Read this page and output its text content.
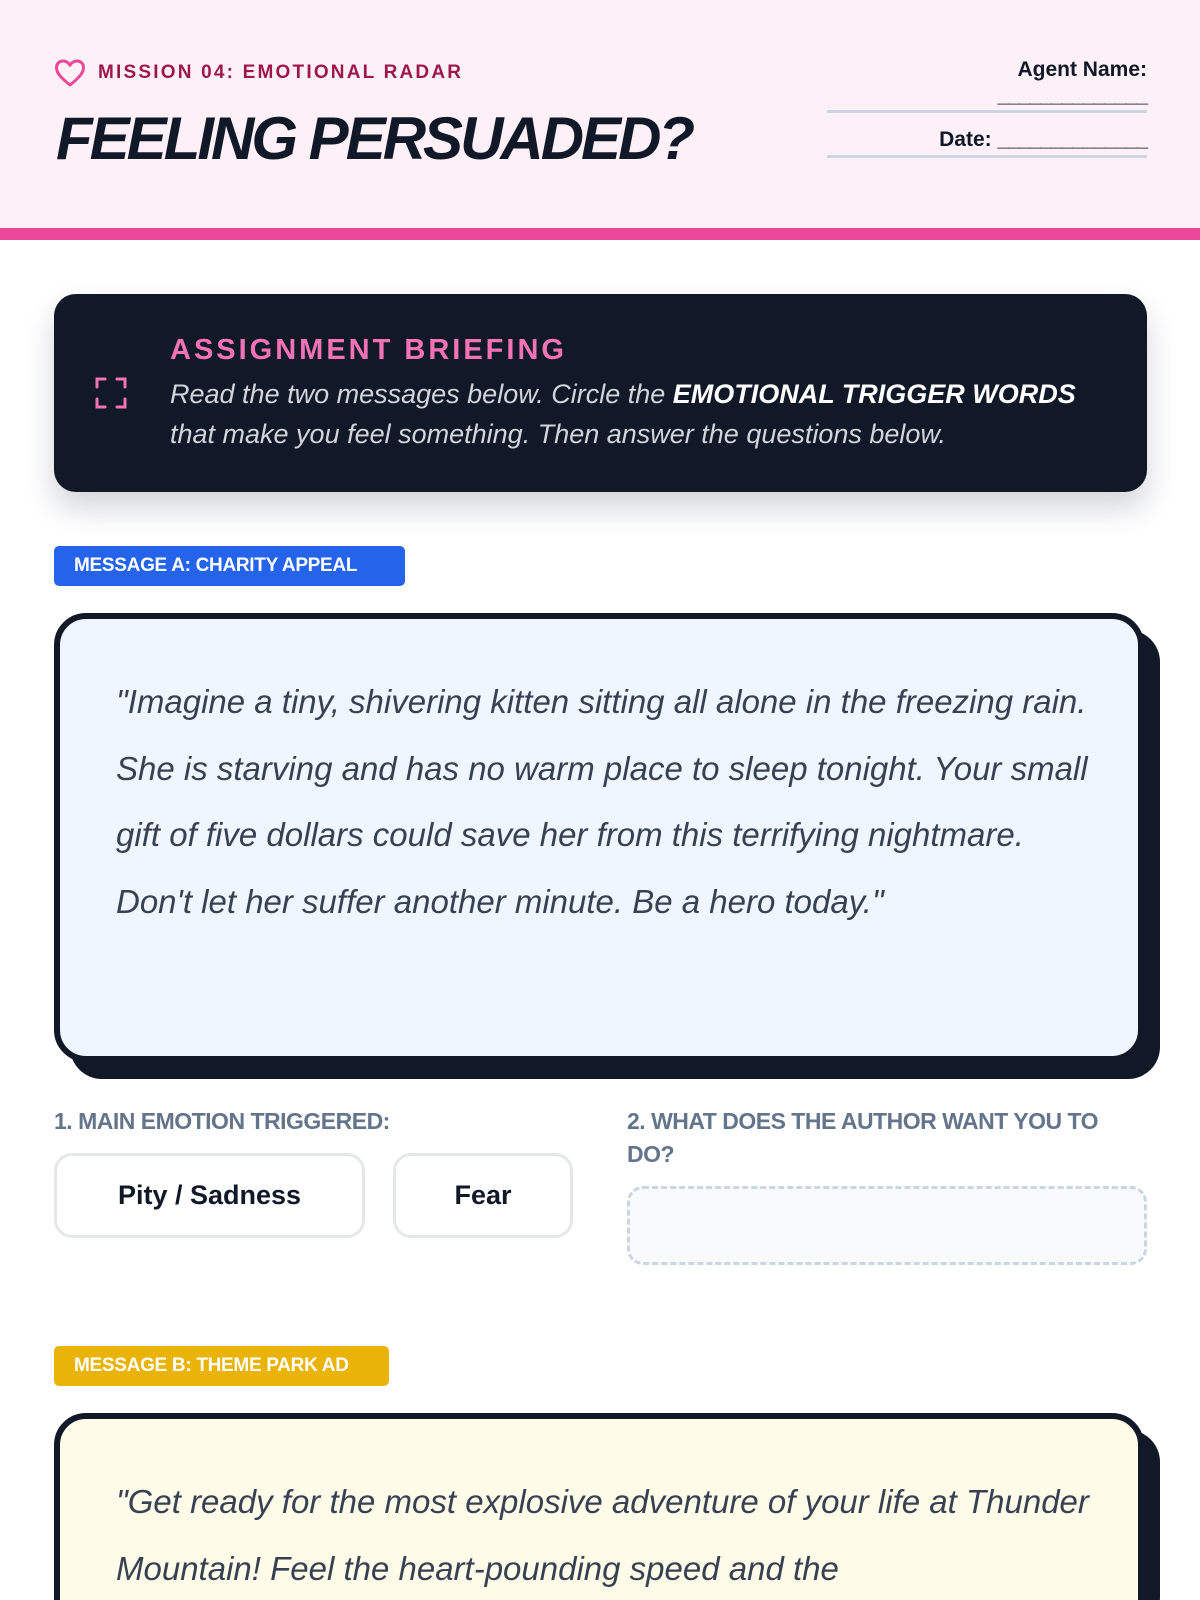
MISSION 04: EMOTIONAL RADAR
FEELING PERSUADED?
Agent Name:
______________
Date: ______________
ASSIGNMENT BRIEFING
Read the two messages below. Circle the EMOTIONAL TRIGGER WORDS that make you feel something. Then answer the questions below.
MESSAGE A: CHARITY APPEAL
"Imagine a tiny, shivering kitten sitting all alone in the freezing rain. She is starving and has no warm place to sleep tonight. Your small gift of five dollars could save her from this terrifying nightmare. Don't let her suffer another minute. Be a hero today."
1. MAIN EMOTION TRIGGERED:
Pity / Sadness	Fear
2. WHAT DOES THE AUTHOR WANT YOU TO DO?
MESSAGE B: THEME PARK AD
"Get ready for the most explosive adventure of your life at Thunder Mountain! Feel the heart-pounding speed and the
